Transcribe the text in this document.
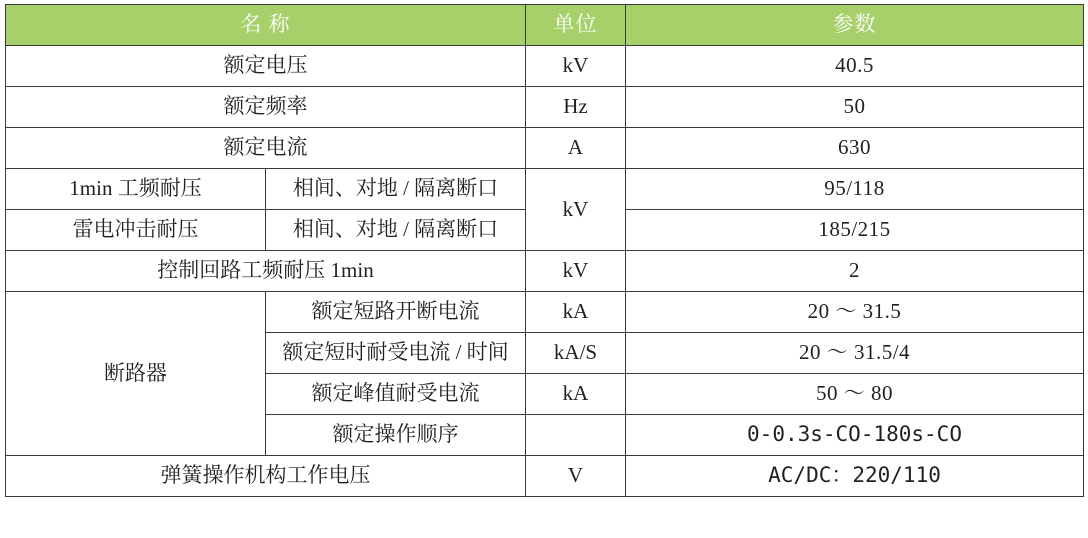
名 称		单位	参数
额定电压		kV	40.5
额定频率		Hz	50
额定电流		A	630
1min 工频耐压	相间、对地 / 隔离断口	kV	95/118
雷电冲击耐压	相间、对地 / 隔离断口		185/215
控制回路工频耐压 1min		kV	2
断路器	额定短路开断电流	kA	20 ～ 31.5
	额定短时耐受电流 / 时间	kA/S	20 ～ 31.5/4
	额定峰值耐受电流	kA	50 ～ 80
	额定操作顺序		0-0.3s-CO-180s-CO
弹簧操作机构工作电压		V	AC/DC：220/110
